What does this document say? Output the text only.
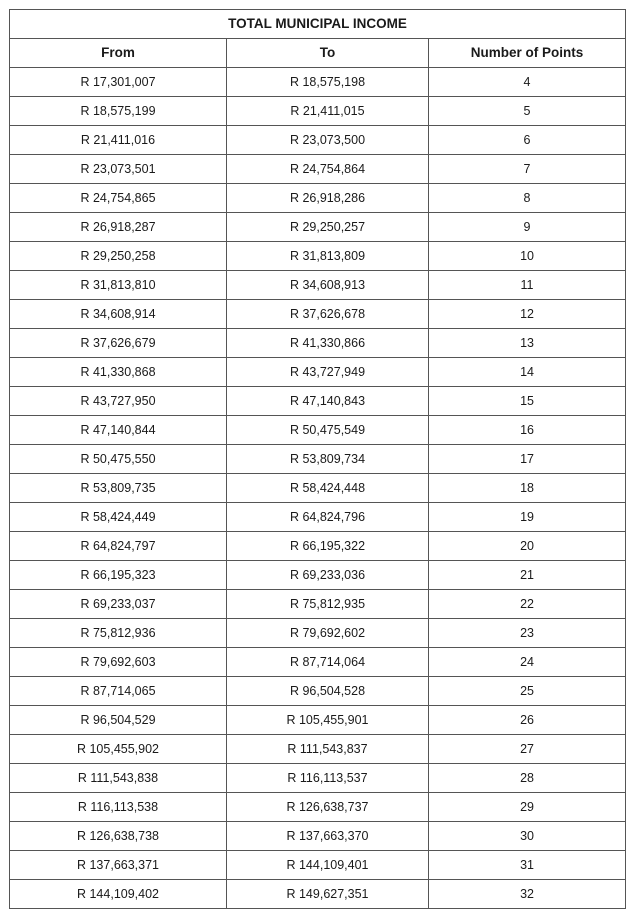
TOTAL MUNICIPAL INCOME		
From	To	Number of Points
R 17,301,007	R 18,575,198	4
R 18,575,199	R 21,411,015	5
R 21,411,016	R 23,073,500	6
R 23,073,501	R 24,754,864	7
R 24,754,865	R 26,918,286	8
R 26,918,287	R 29,250,257	9
R 29,250,258	R 31,813,809	10
R 31,813,810	R 34,608,913	11
R 34,608,914	R 37,626,678	12
R 37,626,679	R 41,330,866	13
R 41,330,868	R 43,727,949	14
R 43,727,950	R 47,140,843	15
R 47,140,844	R 50,475,549	16
R 50,475,550	R 53,809,734	17
R 53,809,735	R 58,424,448	18
R 58,424,449	R 64,824,796	19
R 64,824,797	R 66,195,322	20
R 66,195,323	R 69,233,036	21
R 69,233,037	R 75,812,935	22
R 75,812,936	R 79,692,602	23
R 79,692,603	R 87,714,064	24
R 87,714,065	R 96,504,528	25
R 96,504,529	R 105,455,901	26
R 105,455,902	R 111,543,837	27
R 111,543,838	R 116,113,537	28
R 116,113,538	R 126,638,737	29
R 126,638,738	R 137,663,370	30
R 137,663,371	R 144,109,401	31
R 144,109,402	R 149,627,351	32
